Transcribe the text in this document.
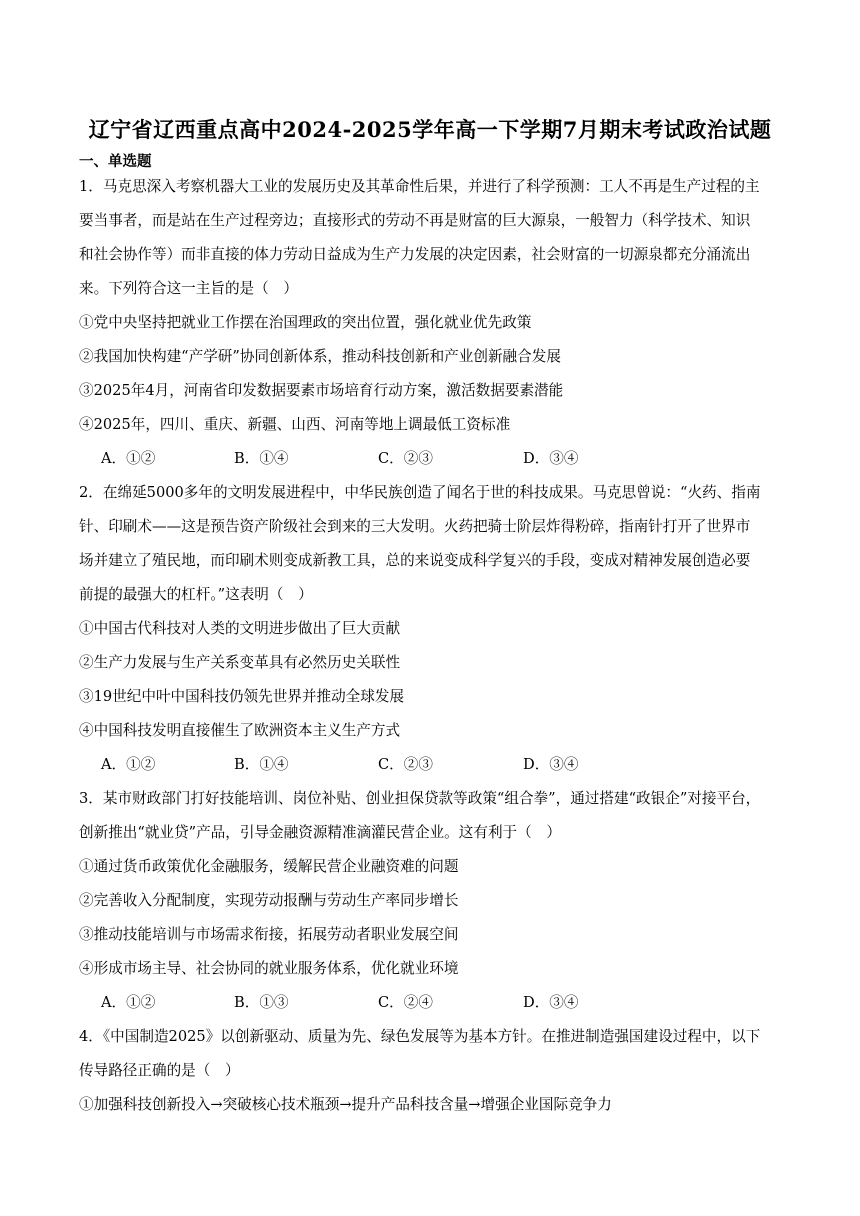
辽宁省辽西重点高中2024-2025学年高一下学期7月期末考试政治试题
一、单选题
1．马克思深入考察机器大工业的发展历史及其革命性后果，并进行了科学预测：工人不再是生产过程的主
要当事者，而是站在生产过程旁边；直接形式的劳动不再是财富的巨大源泉，一般智力（科学技术、知识
和社会协作等）而非直接的体力劳动日益成为生产力发展的决定因素，社会财富的一切源泉都充分涌流出
来。下列符合这一主旨的是（　）
①党中央坚持把就业工作摆在治国理政的突出位置，强化就业优先政策
②我国加快构建“产学研”协同创新体系，推动科技创新和产业创新融合发展
③2025年4月，河南省印发数据要素市场培育行动方案，激活数据要素潜能
④2025年，四川、重庆、新疆、山西、河南等地上调最低工资标准
A．①②	B．①④	C．②③	D．③④
2．在绵延5000多年的文明发展进程中，中华民族创造了闻名于世的科技成果。马克思曾说：“火药、指南
针、印刷术——这是预告资产阶级社会到来的三大发明。火药把骑士阶层炸得粉碎，指南针打开了世界市
场并建立了殖民地，而印刷术则变成新教工具，总的来说变成科学复兴的手段，变成对精神发展创造必要
前提的最强大的杠杆。”这表明（　）
①中国古代科技对人类的文明进步做出了巨大贡献
②生产力发展与生产关系变革具有必然历史关联性
③19世纪中叶中国科技仍领先世界并推动全球发展
④中国科技发明直接催生了欧洲资本主义生产方式
A．①②	B．①④	C．②③	D．③④
3．某市财政部门打好技能培训、岗位补贴、创业担保贷款等政策“组合拳”，通过搭建“政银企”对接平台，
创新推出“就业贷”产品，引导金融资源精准滴灌民营企业。这有利于（　）
①通过货币政策优化金融服务，缓解民营企业融资难的问题
②完善收入分配制度，实现劳动报酬与劳动生产率同步增长
③推动技能培训与市场需求衔接，拓展劳动者职业发展空间
④形成市场主导、社会协同的就业服务体系，优化就业环境
A．①②	B．①③	C．②④	D．③④
4．《中国制造2025》以创新驱动、质量为先、绿色发展等为基本方针。在推进制造强国建设过程中，以下
传导路径正确的是（　）
①加强科技创新投入→突破核心技术瓶颈→提升产品科技含量→增强企业国际竞争力
